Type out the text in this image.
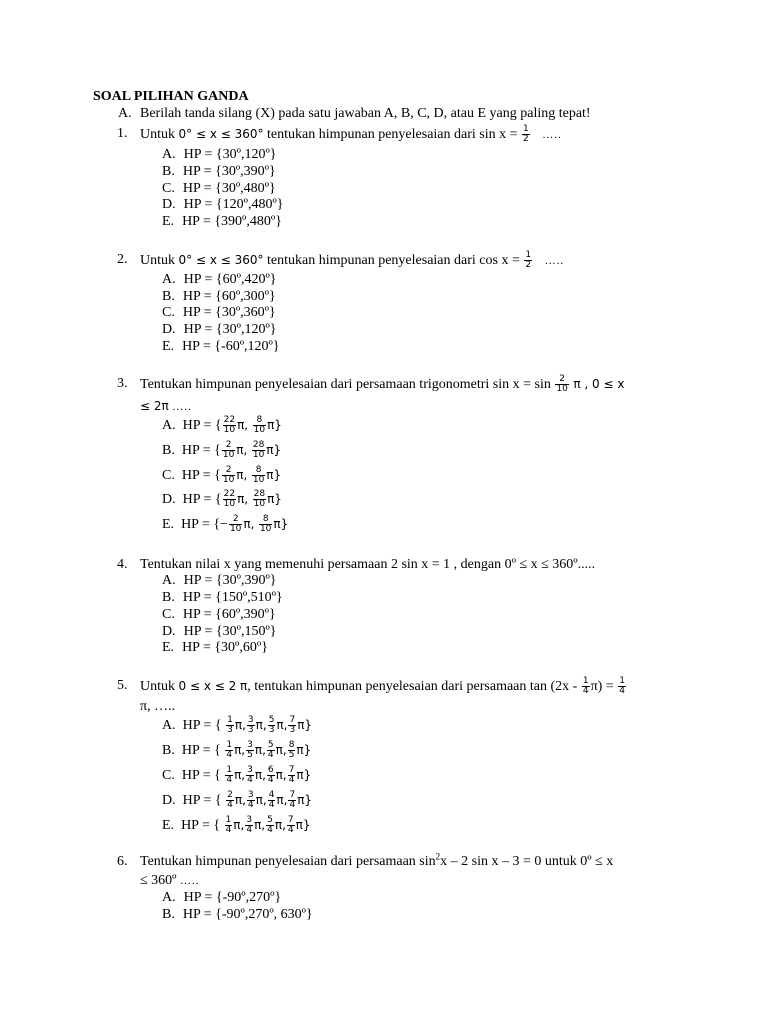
SOAL PILIHAN GANDA
A. Berilah tanda silang (X) pada satu jawaban A, B, C, D, atau E yang paling tepat!
1. Untuk 0° ≤ x ≤ 360° tentukan himpunan penyelesaian dari $\sin x = \frac{1}{2}$ …..
A. HP = {30º,120º}
B. HP = {30º,390º}
C. HP = {30º,480º}
D. HP = {120º,480º}
E. HP = {390º,480º}
2. Untuk 0° ≤ x ≤ 360° tentukan himpunan penyelesaian dari $\cos x = \frac{1}{2}$ …..
A. HP = {60º,420º}
B. HP = {60º,300º}
C. HP = {30º,360º}
D. HP = {30º,120º}
E. HP = {-60º,120º}
3. Tentukan himpunan penyelesaian dari persamaan trigonometri $\sin x = \sin \frac{2}{10}$ π , 0 ≤ x
≤ 2π …..
A. HP = { $\frac{22}{10} \pi$, $\frac{8}{10} \pi$}
B. HP = { $\frac{2}{10} \pi$, $\frac{28}{10} \pi$}
C. HP = { $\frac{2}{10} \pi$, $\frac{8}{10} \pi$}
D. HP = { $\frac{22}{10} \pi$, $\frac{28}{10} \pi$}
E. HP = {− $\frac{2}{10} \pi$, $\frac{8}{10} \pi$}
4. Tentukan nilai x yang memenuhi persamaan 2 sin x = 1 , dengan 0º ≤ x ≤ 360º.....
A. HP = {30º,390º}
B. HP = {150º,510º}
C. HP = {60º,390º}
D. HP = {30º,150º}
E. HP = {30º,60º}
5. Untuk 0 ≤ x ≤ 2 π, tentukan himpunan penyelesaian dari persamaan $\tan (2x - \frac{1}{4} \pi) = \frac{1}{4}$
π, …..
A.  HP = { $\frac{1}{3} \pi$, $\frac{3}{3} \pi$, $\frac{5}{3} \pi$, $\frac{7}{3} \pi$}
B.  HP = { $\frac{1}{4} \pi$, $\frac{3}{5} \pi$, $\frac{5}{4} \pi$, $\frac{8}{5} \pi$}
C.  HP = { $\frac{1}{4} \pi$, $\frac{3}{4} \pi$, $\frac{6}{4} \pi$, $\frac{7}{4} \pi$}
D.  HP = { $\frac{2}{4} \pi$, $\frac{3}{4} \pi$, $\frac{4}{4} \pi$, $\frac{7}{4} \pi$}
E.  HP = { $\frac{1}{4} \pi$, $\frac{3}{4} \pi$, $\frac{5}{4} \pi$, $\frac{7}{4} \pi$}
6. Tentukan himpunan penyelesaian dari persamaan $\sin^2x - 2$ sin x – 3 = 0 untuk 0º ≤ x
≤ 360º …..
A. HP = {-90º,270º}
B. HP = {-90º,270º, 630º}
